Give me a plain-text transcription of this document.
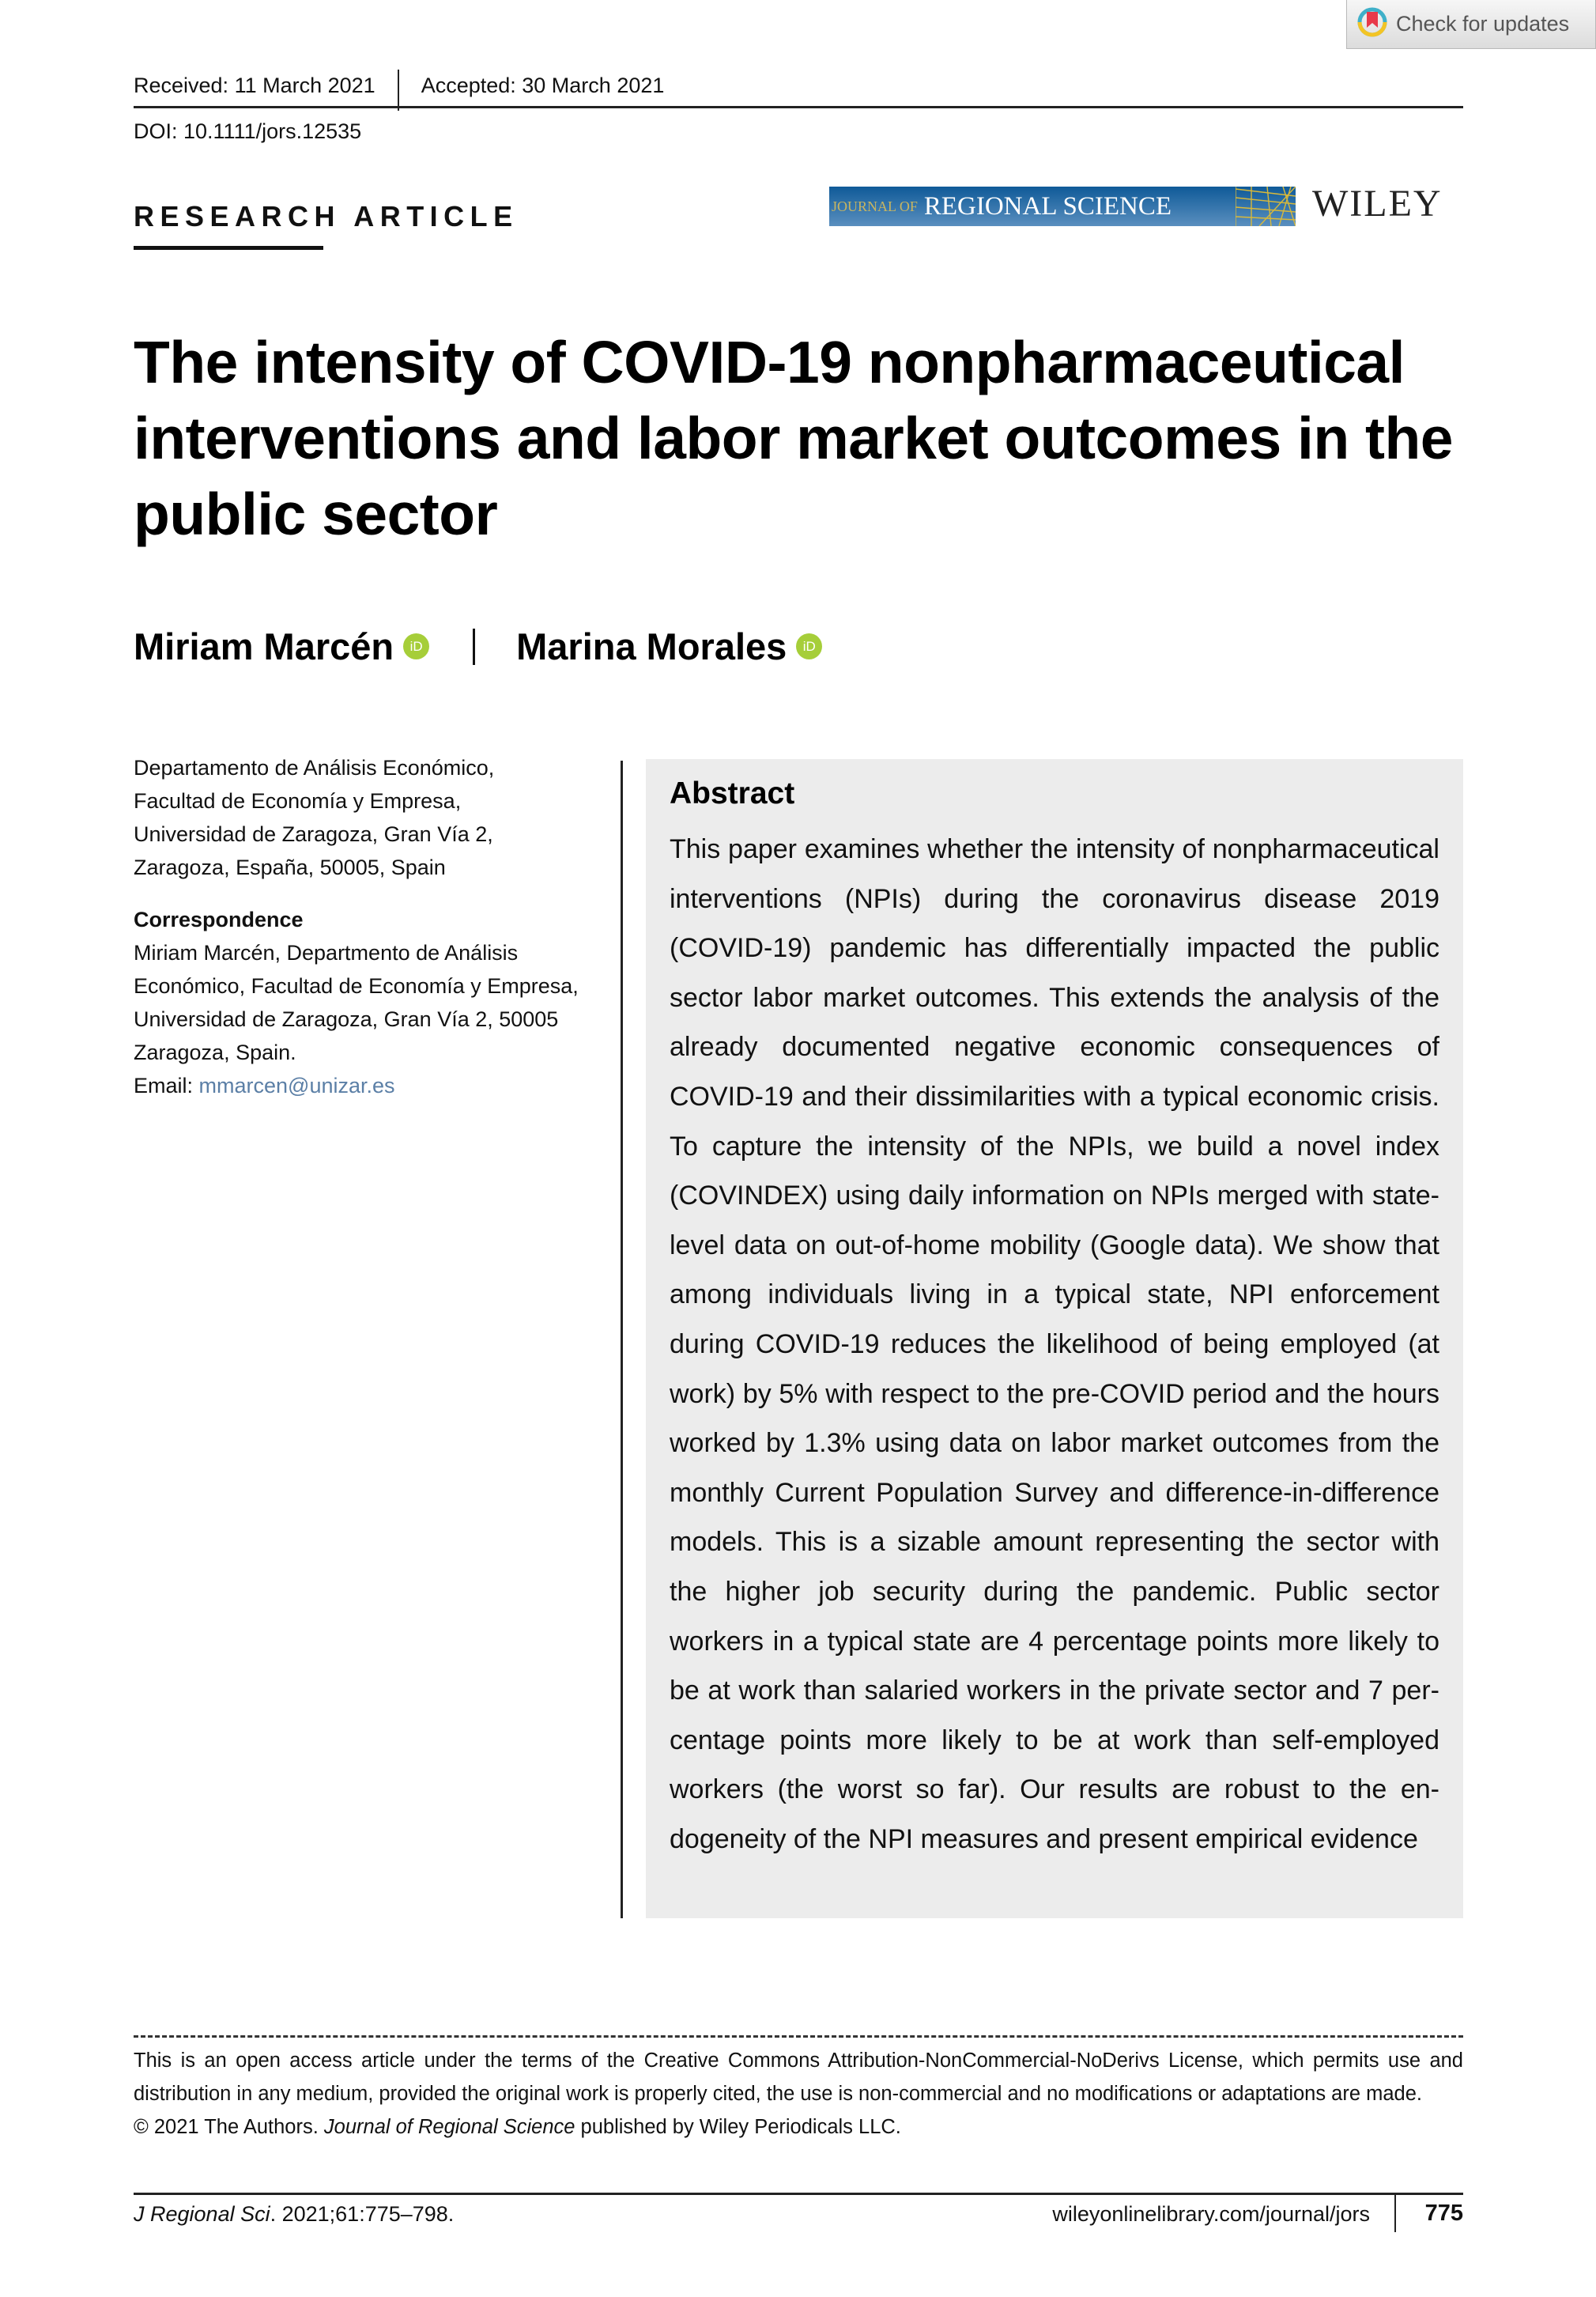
Check for updates
Received: 11 March 2021 Accepted: 30 March 2021
DOI: 10.1111/jors.12535
RESEARCH ARTICLE	JOURNAL OF REGIONAL SCIENCE	WILEY
The intensity of COVID-19 nonpharmaceutical interventions and labor market outcomes in the public sector
Miriam Marcén	iD	Marina Morales	iD
Departamento de Análisis Económico, Facultad de Economía y Empresa, Universidad de Zaragoza, Gran Vía 2, Zaragoza, España, 50005, Spain
Correspondence
Miriam Marcén, Departmento de Análisis Económico, Facultad de Economía y Empresa, Universidad de Zaragoza, Gran Vía 2, 50005 Zaragoza, Spain.
Email: mmarcen@unizar.es
Abstract
This paper examines whether the intensity of nonpharmaceutical interventions (NPIs) during the coronavirus disease 2019 (COVID-19) pandemic has differentially impacted the public sector labor market outcomes. This extends the analysis of the already documented negative economic consequences of COVID-19 and their dissimilarities with a typical economic crisis. To capture the intensity of the NPIs, we build a novel index (COVINDEX) using daily information on NPIs merged with state-level data on out-of-home mobility (Google data). We show that among individuals living in a typical state, NPI enforcement during COVID-19 reduces the likelihood of being employed (at work) by 5% with respect to the pre-COVID period and the hours worked by 1.3% using data on labor market outcomes from the monthly Current Population Survey and difference-in-difference models. This is a sizable amount representing the sector with the higher job security during the pandemic. Public sector workers in a typical state are 4 percentage points more likely to be at work than salaried workers in the private sector and 7 percentage points more likely to be at work than self-employed workers (the worst so far). Our results are robust to the endogeneity of the NPI measures and present empirical evidence
This is an open access article under the terms of the Creative Commons Attribution-NonCommercial-NoDerivs License, which permits use and distribution in any medium, provided the original work is properly cited, the use is non-commercial and no modifications or adaptations are made.
© 2021 The Authors. Journal of Regional Science published by Wiley Periodicals LLC.
J Regional Sci. 2021;61:775–798.	wileyonlinelibrary.com/journal/jors 775
